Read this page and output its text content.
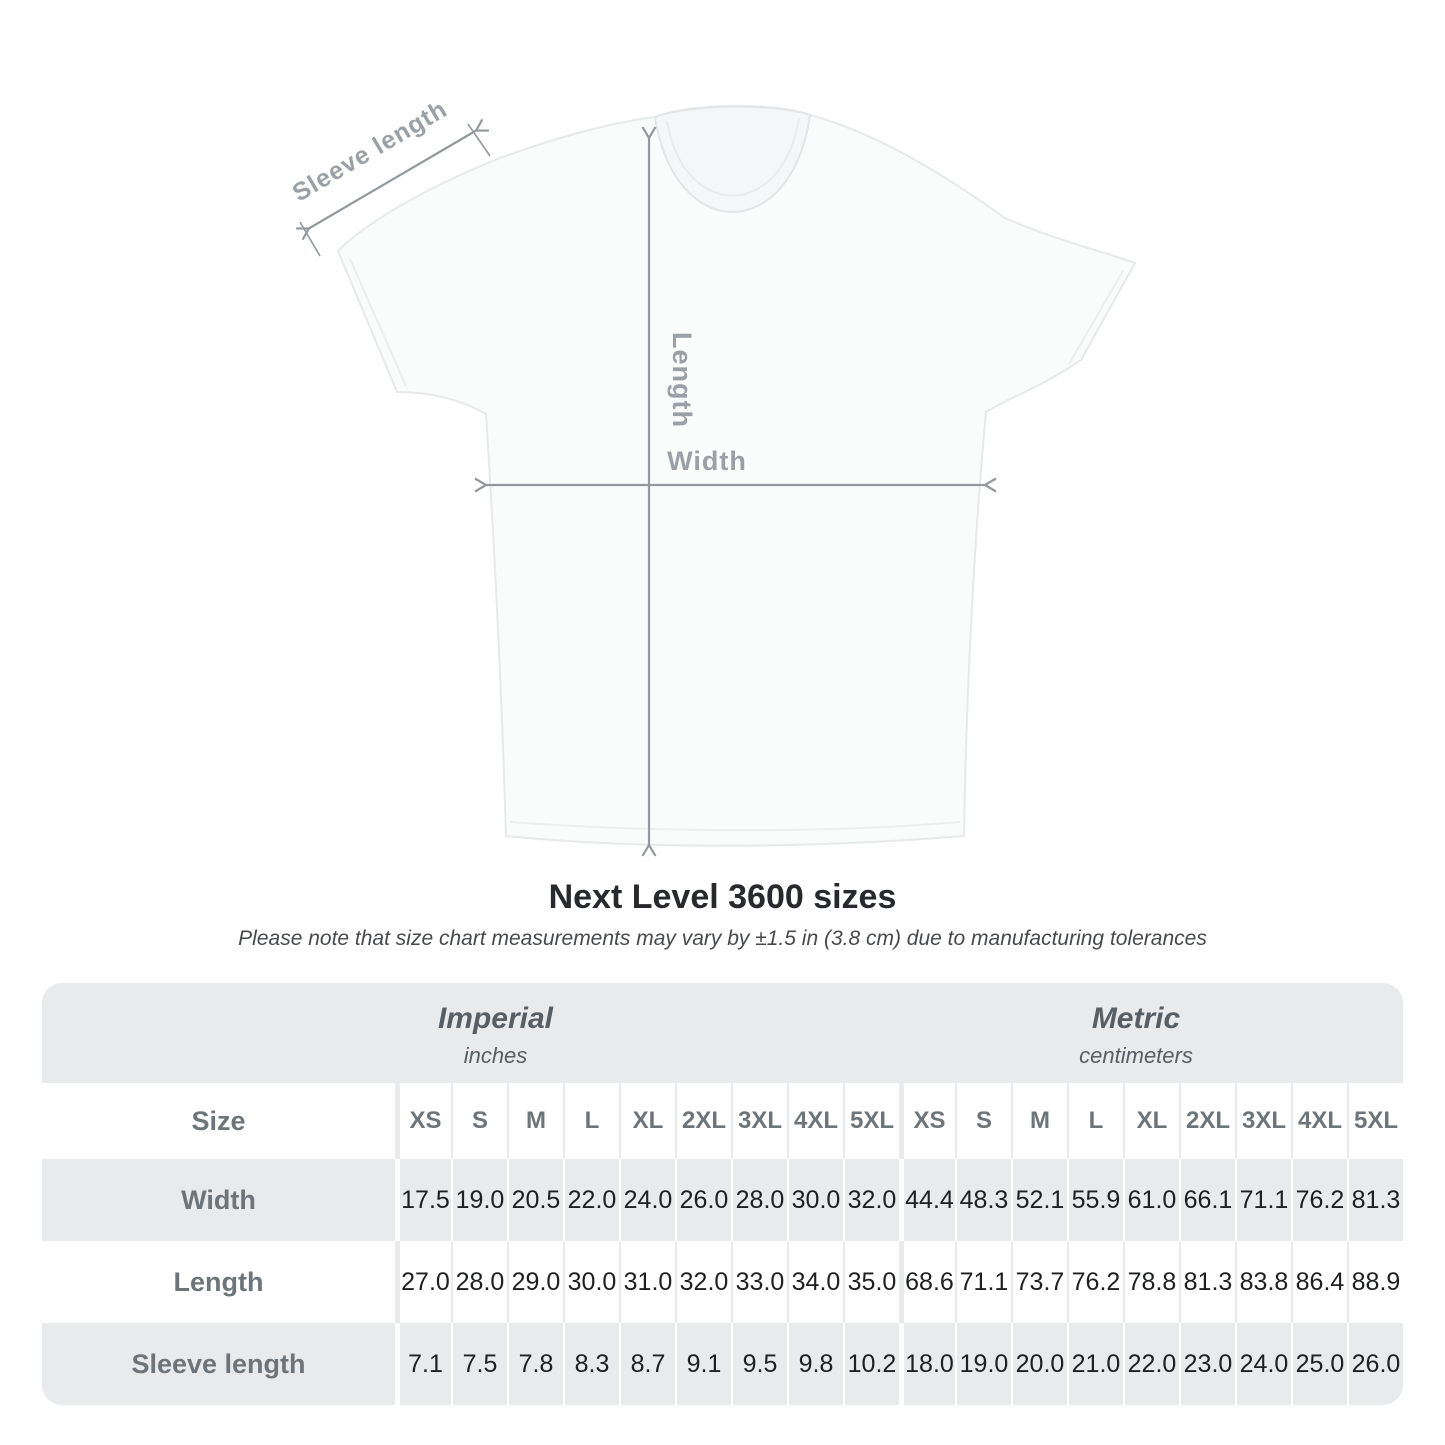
Sleeve length
Length
Width
Next Level 3600 sizes

Please note that size chart measurements may vary by ±1.5 in (3.8 cm) due to manufacturing tolerances

Imperial
inches
Metric
centimeters
Size	XS	S	M	L	XL 2XL 3XL 4XL 5XL XS	S	M	L	XL 2XL 3XL 4XL 5XL
Width	17.5 19.0 20.5 22.0 24.0 26.0 28.0 30.0 32.0 44.4 48.3 52.1 55.9 61.0 66.1 71.1 76.2 81.3
Length	27.0 28.0 29.0 30.0 31.0 32.0 33.0 34.0 35.0 68.6 71.1 73.7 76.2 78.8 81.3 83.8 86.4 88.9
Sleeve length	7.1 7.5 7.8 8.3 8.7 9.1 9.5 9.8 10.2 18.0 19.0 20.0 21.0 22.0 23.0 24.0 25.0 26.0
